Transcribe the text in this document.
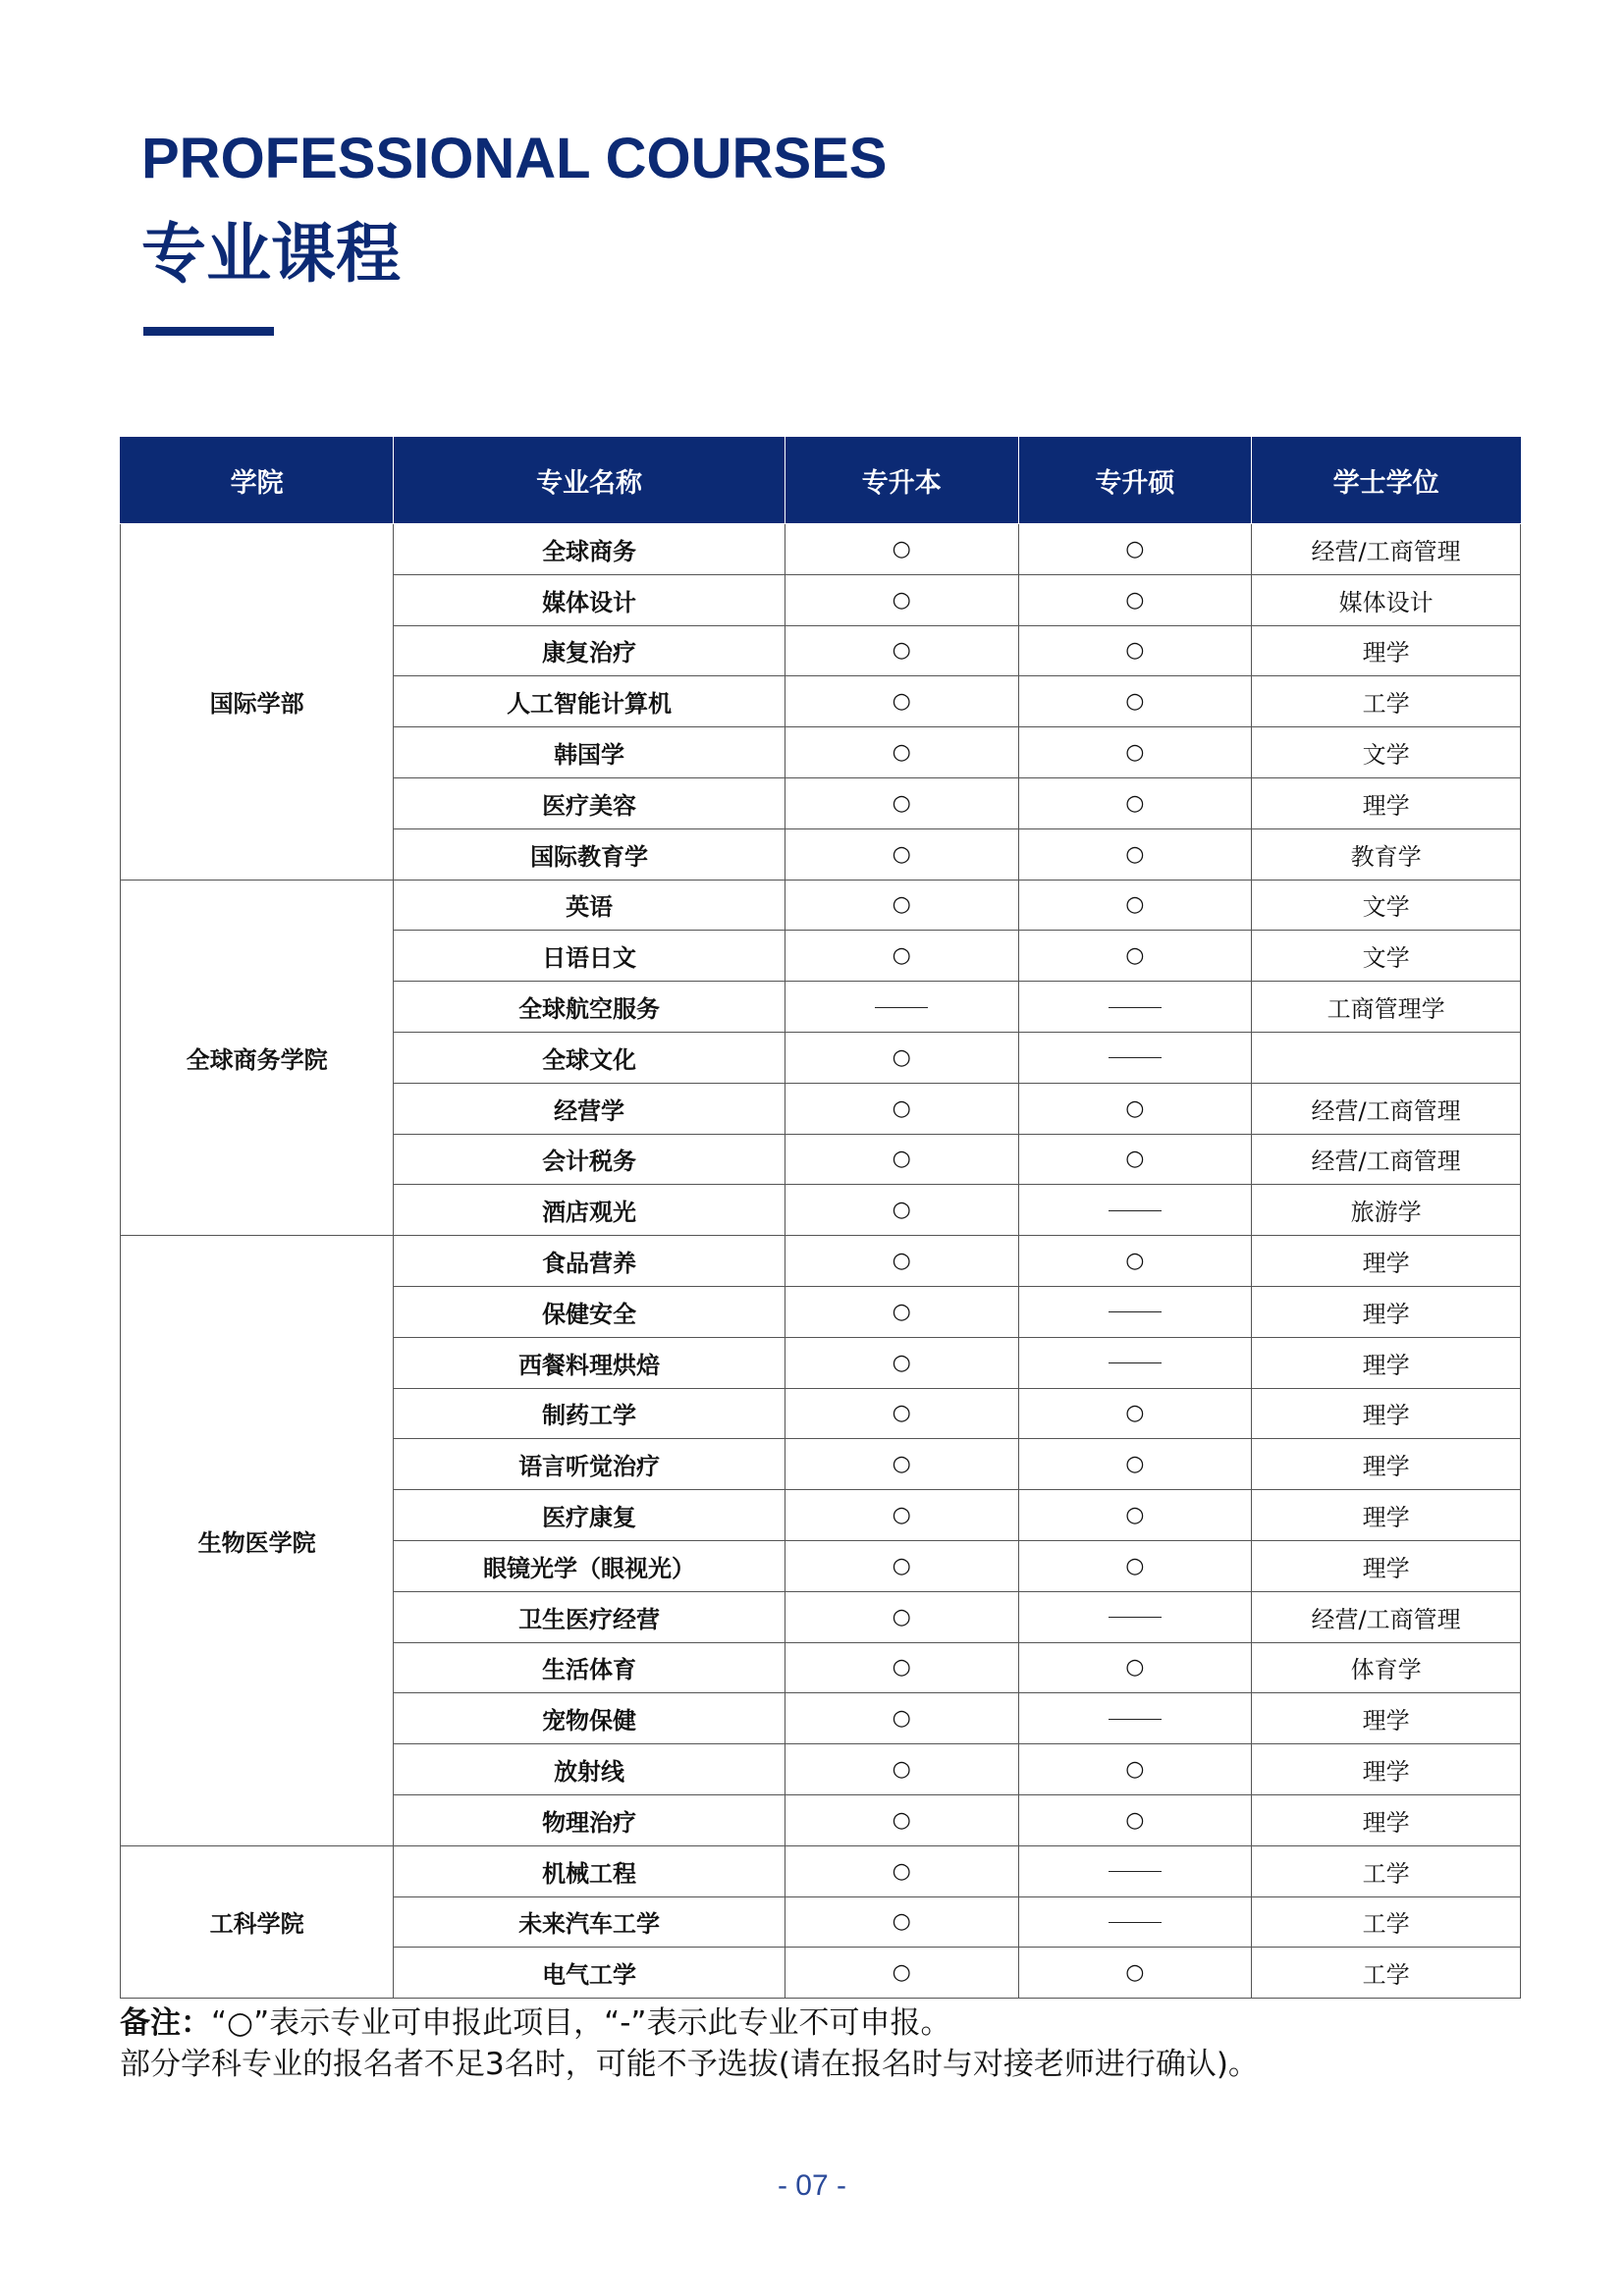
PROFESSIONAL COURSES
专业课程
学院	专业名称	专升本	专升硕	学士学位
国际学部	全球商务	○	○	经营/工商管理
	媒体设计	○	○	媒体设计
	康复治疗	○	○	理学
	人工智能计算机	○	○	工学
	韩国学	○	○	文学
	医疗美容	○	○	理学
	国际教育学	○	○	教育学
全球商务学院	英语	○	○	文学
	日语日文	○	○	文学
	全球航空服务			工商管理学
	全球文化	○		
	经营学	○	○	经营/工商管理
	会计税务	○	○	经营/工商管理
	酒店观光	○		旅游学
生物医学院	食品营养	○	○	理学
	保健安全	○		理学
	西餐料理烘焙	○		理学
	制药工学	○	○	理学
	语言听觉治疗	○	○	理学
	医疗康复	○	○	理学
	眼镜光学（眼视光）	○	○	理学
	卫生医疗经营	○		经营/工商管理
	生活体育	○	○	体育学
	宠物保健	○		理学
	放射线	○	○	理学
	物理治疗	○	○	理学
工科学院	机械工程	○		工学
	未来汽车工学	○		工学
	电气工学	○	○	工学
备注：“○”表示专业可申报此项目，“-”表示此专业不可申报。
部分学科专业的报名者不足3名时，可能不予选拔(请在报名时与对接老师进行确认)。
- 07 -
